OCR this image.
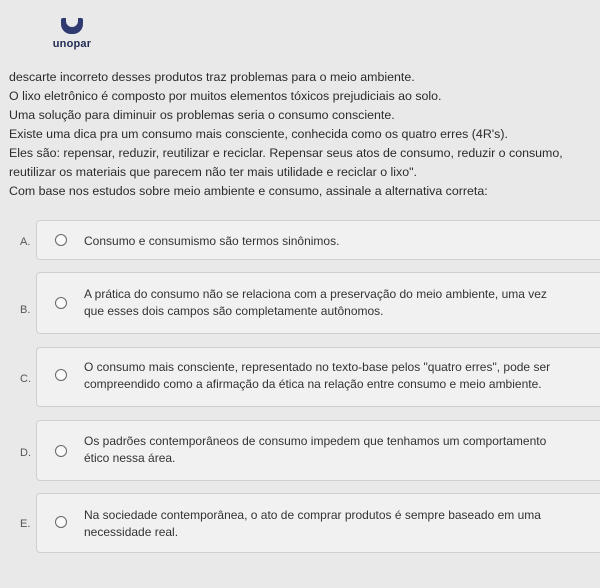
unopar

descarte incorreto desses produtos traz problemas para o meio ambiente.

O lixo eletrônico é composto por muitos elementos tóxicos prejudiciais ao solo.

Uma solução para diminuir os problemas seria o consumo consciente.

Existe uma dica pra um consumo mais consciente, conhecida como os quatro erres (4R's).

Eles são: repensar, reduzir, reutilizar e reciclar. Repensar seus atos de consumo, reduzir o consumo,

reutilizar os materiais que parecem não ter mais utilidade e reciclar o lixo".

Com base nos estudos sobre meio ambiente e consumo, assinale a alternativa correta:

A.	Consumo e consumismo são termos sinônimos.
B.
A prática do consumo não se relaciona com a preservação do meio ambiente, uma vez
que esses dois campos são completamente autônomos.
C.
O consumo mais consciente, representado no texto-base pelos "quatro erres", pode ser
compreendido como a afirmação da ética na relação entre consumo e meio ambiente.
D.
Os padrões contemporâneos de consumo impedem que tenhamos um comportamento
ético nessa área.
E.
Na sociedade contemporânea, o ato de comprar produtos é sempre baseado em uma
necessidade real.
